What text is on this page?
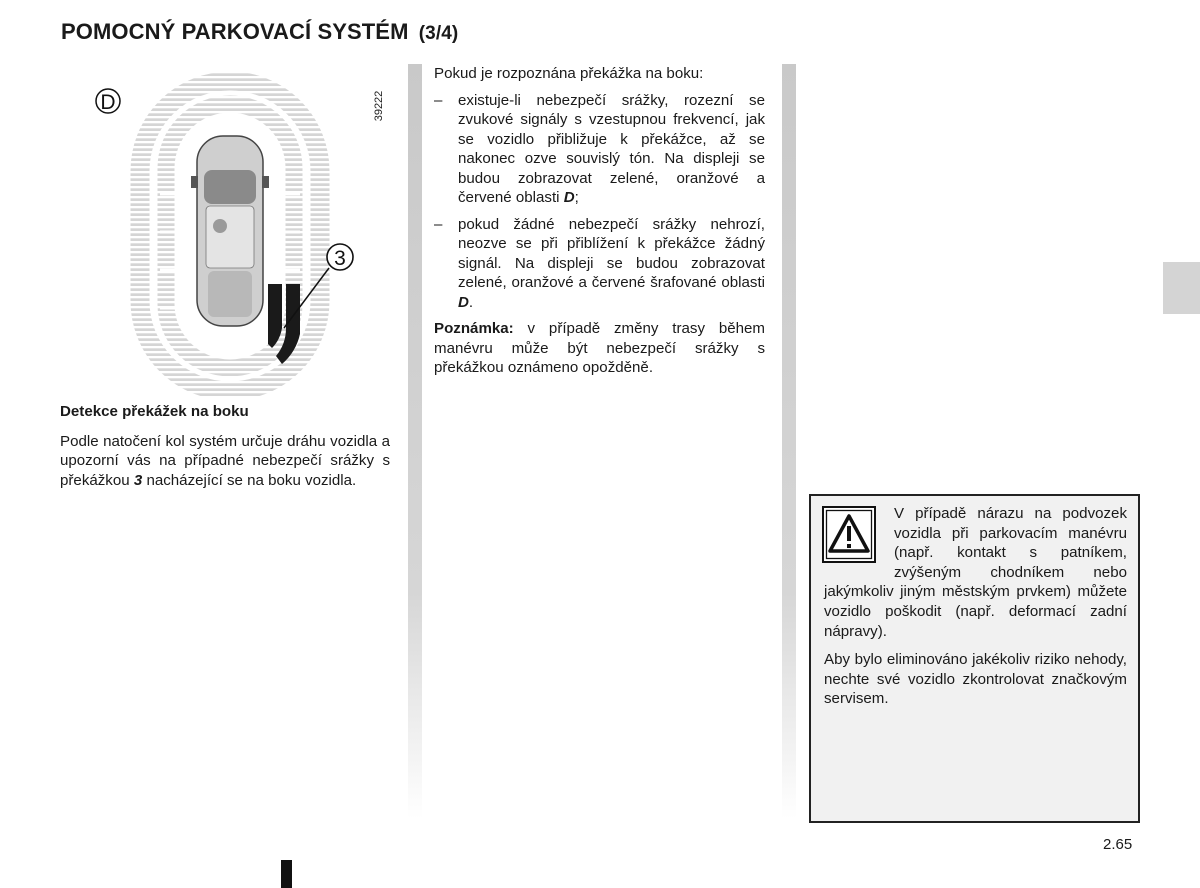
POMOCNÝ PARKOVACÍ SYSTÉM (3/4)
3
D	39222

Detekce překážek na boku

Podle natočení kol systém určuje dráhu vozidla a upozorní vás na případné nebezpečí srážky s překážkou 3 nacházející se na boku vozidla.

Pokud je rozpoznána překážka na boku:

– existuje-li nebezpečí srážky, rozezní se zvukové signály s vzestupnou frekvencí, jak se vozidlo přibližuje k překážce, až se nakonec ozve souvislý tón. Na displeji se budou zobrazovat zelené, oranžové a červené oblasti D;
– pokud žádné nebezpečí srážky nehrozí, neozve se při přiblížení k překážce žádný signál. Na displeji se budou zobrazovat zelené, oranžové a červené šrafované oblasti D.

Poznámka: v případě změny trasy během manévru může být nebezpečí srážky s překážkou oznámeno opožděně.

V případě nárazu na podvozek vozidla při parkovacím manévru (např. kontakt s patníkem, zvýšeným chodníkem nebo jakýmkoliv jiným městským prvkem) můžete vozidlo poškodit (např. deformací zadní nápravy).

Aby bylo eliminováno jakékoliv riziko nehody, nechte své vozidlo zkontrolovat značkovým servisem.

2.65
